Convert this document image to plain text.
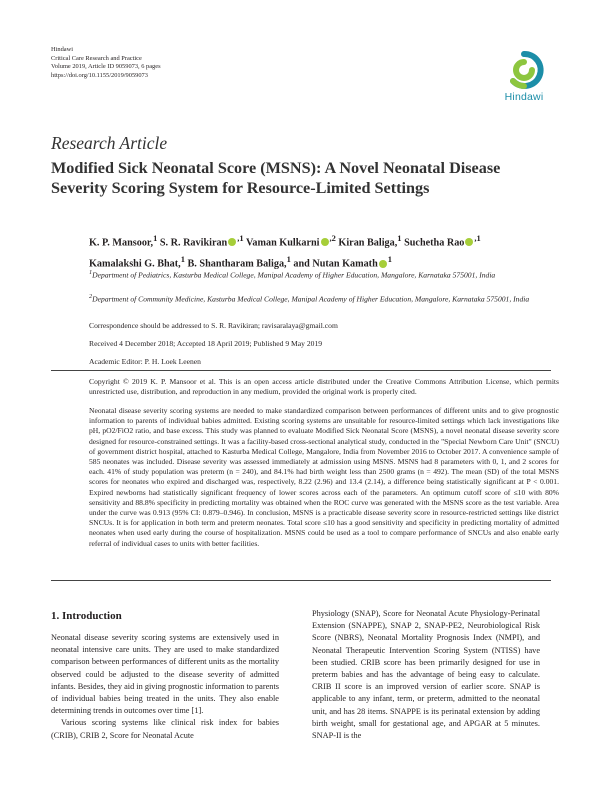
Hindawi
Critical Care Research and Practice
Volume 2019, Article ID 9059073, 6 pages
https://doi.org/10.1155/2019/9059073
Hindawi
Research Article
Modified Sick Neonatal Score (MSNS): A Novel Neonatal Disease Severity Scoring System for Resource-Limited Settings
K. P. Mansoor,$^1$ S. R. Ravikiran $^{,1}$ Vaman Kulkarni $^{,2}$ Kiran Baliga,$^1$ Suchetha Rao $^{,1}$
Kamalakshi G. Bhat,$^1$ B. Shantharam Baliga,$^1$ and Nutan Kamath $^1$
$^1$Department of Pediatrics, Kasturba Medical College, Manipal Academy of Higher Education, Mangalore, Karnataka 575001, India
$^2$Department of Community Medicine, Kasturba Medical College, Manipal Academy of Higher Education, Mangalore, Karnataka 575001, India
Correspondence should be addressed to S. R. Ravikiran; ravisaralaya@gmail.com
Received 4 December 2018; Accepted 18 April 2019; Published 9 May 2019
Academic Editor: P. H. Loek Leenen
Copyright © 2019 K. P. Mansoor et al. This is an open access article distributed under the Creative Commons Attribution License, which permits unrestricted use, distribution, and reproduction in any medium, provided the original work is properly cited.
Neonatal disease severity scoring systems are needed to make standardized comparison between performances of different units and to give prognostic information to parents of individual babies admitted. Existing scoring systems are unsuitable for resource-limited settings which lack investigations like pH, pO2/FiO2 ratio, and base excess. This study was planned to evaluate Modified Sick Neonatal Score (MSNS), a novel neonatal disease severity score designed for resource-constrained settings. It was a facility-based cross-sectional analytical study, conducted in the "Special Newborn Care Unit" (SNCU) of government district hospital, attached to Kasturba Medical College, Mangalore, India from November 2016 to October 2017. A convenience sample of 585 neonates was included. Disease severity was assessed immediately at admission using MSNS. MSNS had 8 parameters with 0, 1, and 2 scores for each. 41% of study population was preterm (n = 240), and 84.1% had birth weight less than 2500 grams (n = 492). The mean (SD) of the total MSNS scores for neonates who expired and discharged was, respectively, 8.22 (2.96) and 13.4 (2.14), a difference being statistically significant at P < 0.001. Expired newborns had statistically significant frequency of lower scores across each of the parameters. An optimum cutoff score of ≤10 with 80% sensitivity and 88.8% specificity in predicting mortality was obtained when the ROC curve was generated with the MSNS score as the test variable. Area under the curve was 0.913 (95% CI: 0.879–0.946). In conclusion, MSNS is a practicable disease severity score in resource-restricted settings like district SNCUs. It is for application in both term and preterm neonates. Total score ≤10 has a good sensitivity and specificity in predicting mortality of admitted neonates when used early during the course of hospitalization. MSNS could be used as a tool to compare performance of SNCUs and also enable early referral of individual cases to units with better facilities.
1. Introduction

Neonatal disease severity scoring systems are extensively used in neonatal intensive care units. They are used to make standardized comparison between performances of different units as the mortality observed could be adjusted to the disease severity of admitted infants. Besides, they aid in giving prognostic information to parents of individual babies being treated in the units. They also enable determining trends in outcomes over time [1].

Various scoring systems like clinical risk index for babies (CRIB), CRIB 2, Score for Neonatal Acute

Physiology (SNAP), Score for Neonatal Acute Physiology-Perinatal Extension (SNAPPE), SNAP 2, SNAP-PE2, Neurobiological Risk Score (NBRS), Neonatal Mortality Prognosis Index (NMPI), and Neonatal Therapeutic Intervention Scoring System (NTISS) have been studied. CRIB score has been primarily designed for use in preterm babies and has the advantage of being easy to calculate. CRIB II score is an improved version of earlier score. SNAP is applicable to any infant, term, or preterm, admitted to the neonatal unit, and has 28 items. SNAPPE is its perinatal extension by adding birth weight, small for gestational age, and APGAR at 5 minutes. SNAP-II is the
